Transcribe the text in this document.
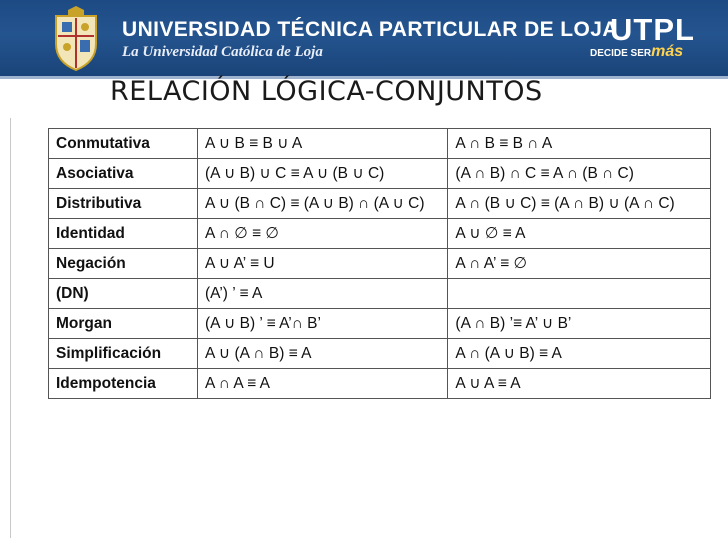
UNIVERSIDAD TÉCNICA PARTICULAR DE LOJA
La Universidad Católica de Loja
UTPL
DECIDE SERmás
RELACIÓN LÓGICA-CONJUNTOS
Conmutativa	A ∪ B ≡ B ∪ A	A ∩ B ≡ B ∩ A
Asociativa	(A ∪ B) ∪ C ≡ A ∪ (B ∪ C)	(A ∩ B) ∩ C ≡ A ∩ (B ∩ C)
Distributiva	A ∪ (B ∩ C) ≡ (A ∪ B) ∩ (A ∪ C)	A ∩ (B ∪ C) ≡ (A ∩ B) ∪ (A ∩ C)
Identidad	A ∩ ∅ ≡ ∅	A ∪ ∅ ≡ A
Negación	A ∪ A’ ≡ U	A ∩ A’ ≡ ∅
(DN)	(A’) ’ ≡ A	
Morgan	(A ∪ B) ’ ≡ A’∩ B’	(A ∩ B) ’≡ A’ ∪ B’
Simplificación	A ∪ (A ∩ B) ≡ A	A ∩ (A ∪ B) ≡ A
Idempotencia	A ∩ A ≡ A	A ∪ A ≡ A
